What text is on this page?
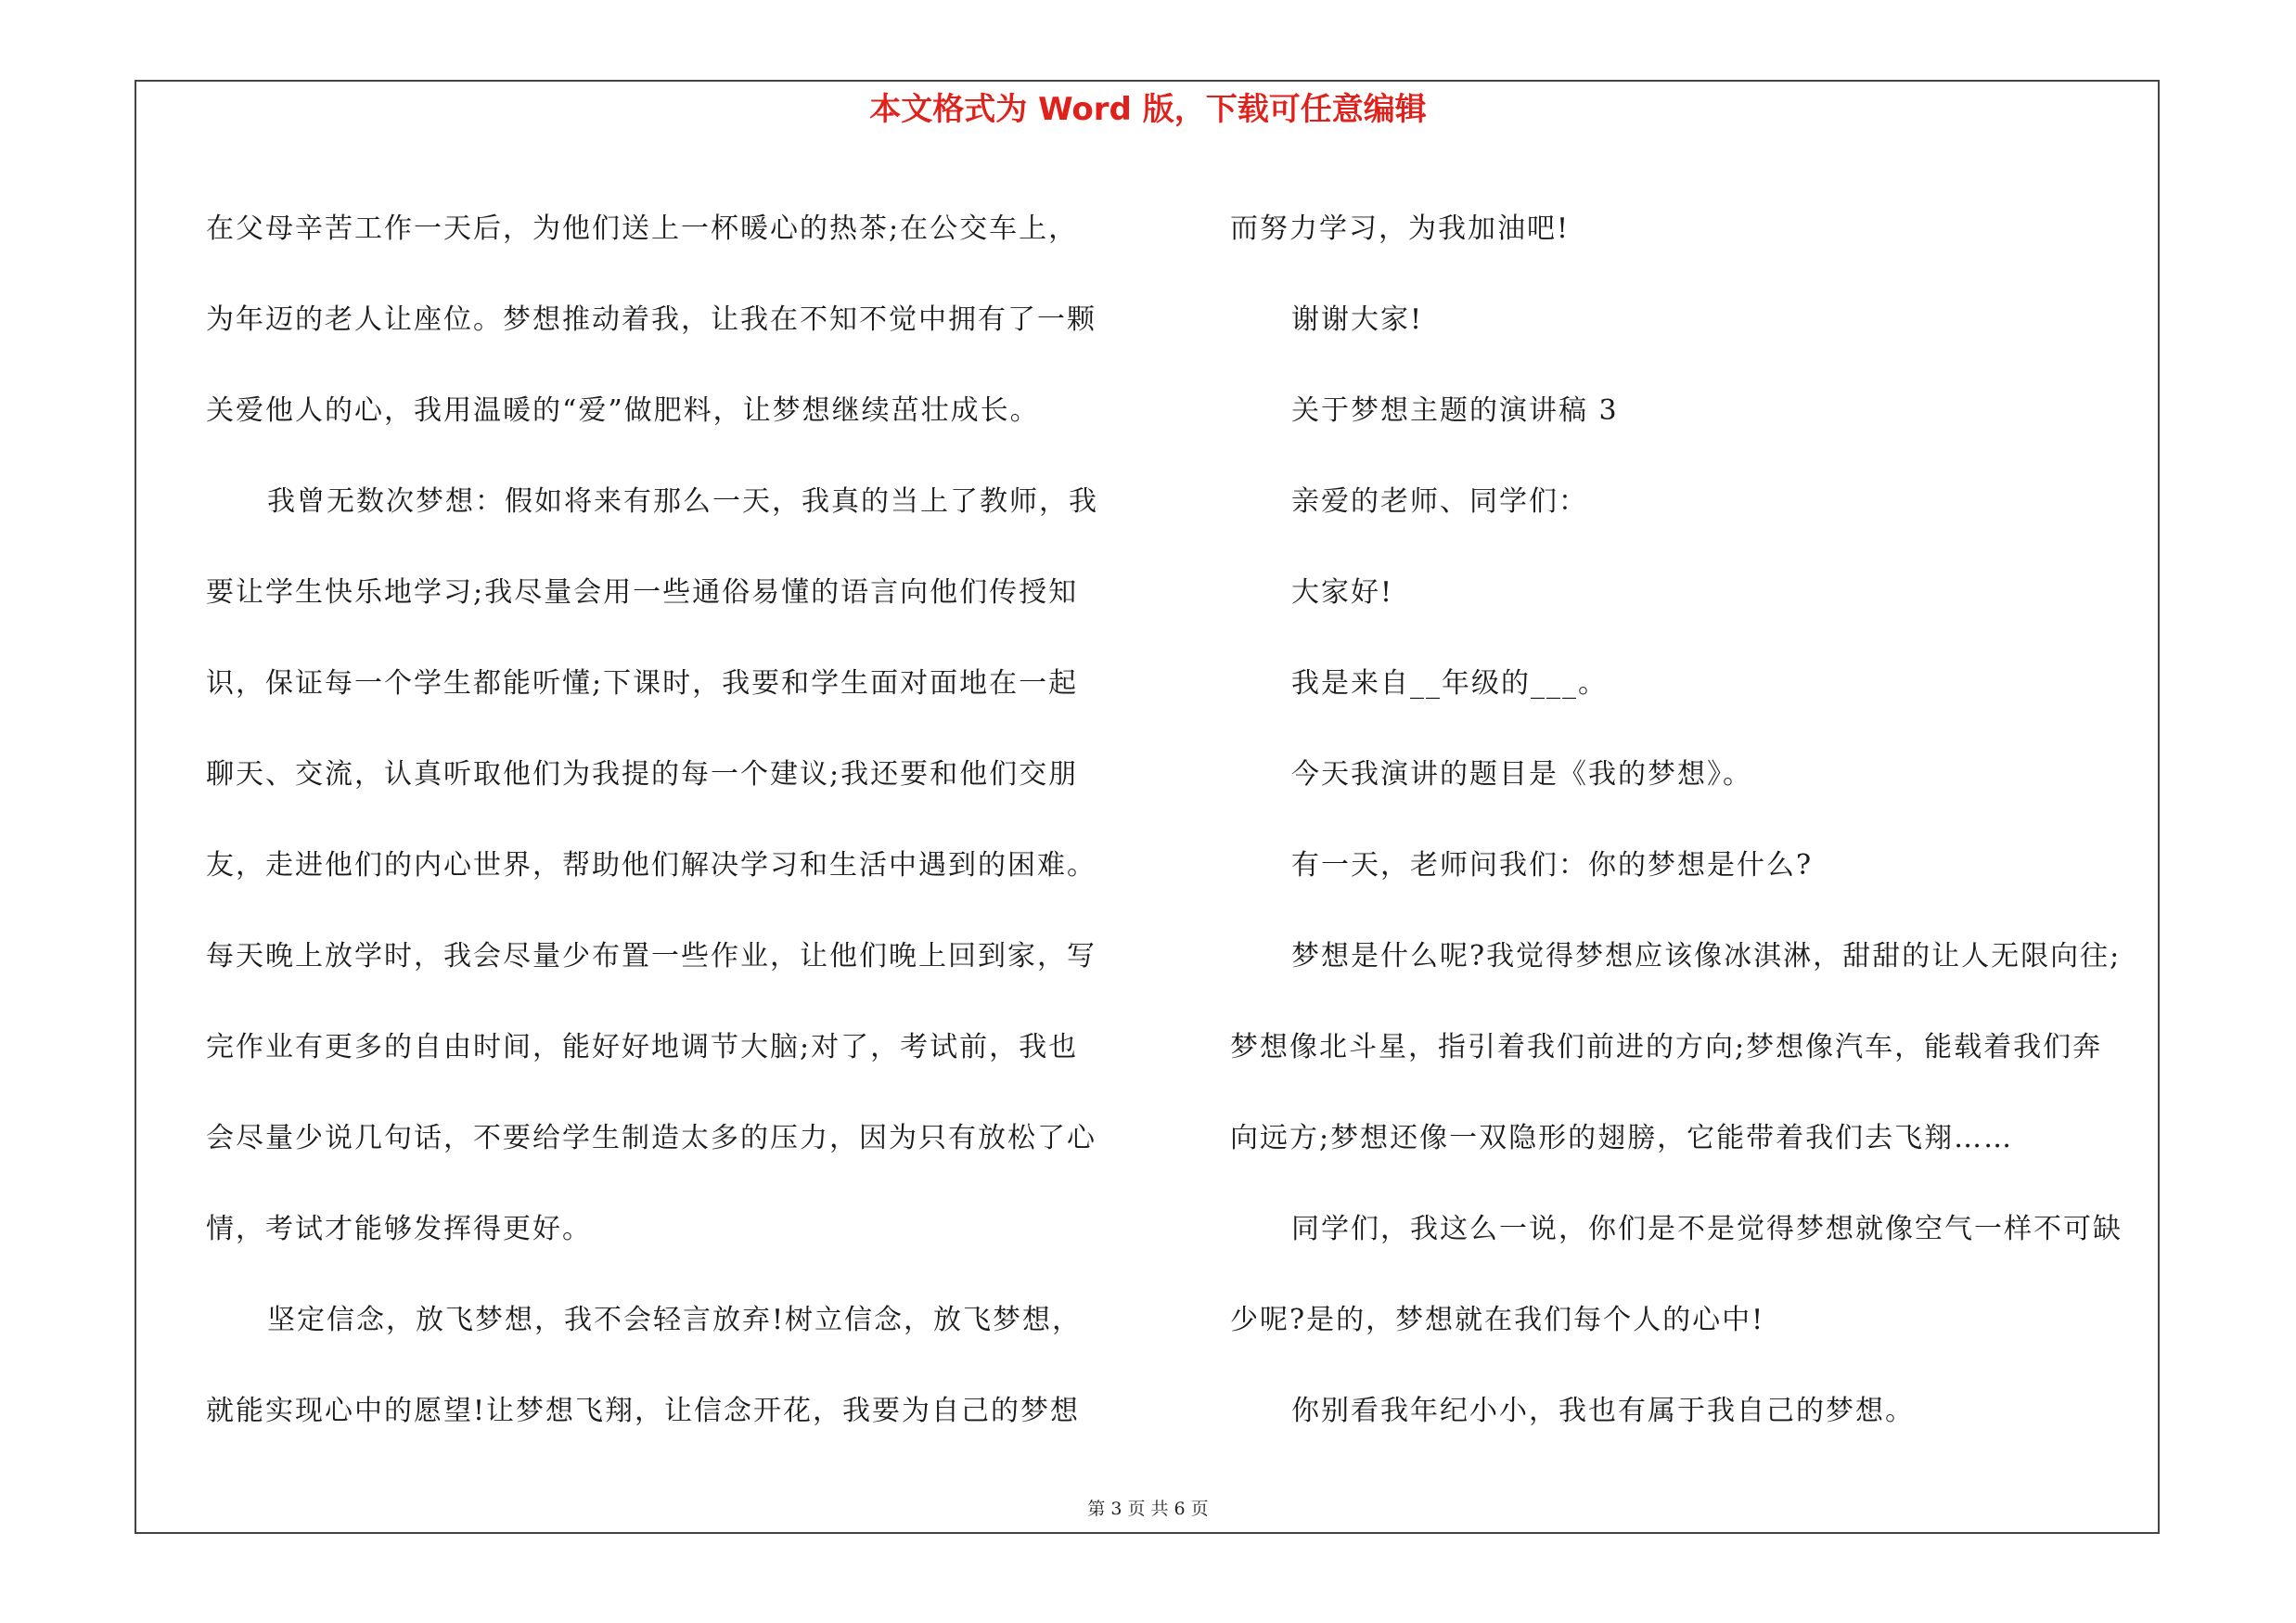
本文格式为 Word 版，下载可任意编辑

在父母辛苦工作一天后，为他们送上一杯暖心的热茶;在公交车上，

为年迈的老人让座位。梦想推动着我，让我在不知不觉中拥有了一颗

关爱他人的心，我用温暖的“爱”做肥料，让梦想继续茁壮成长。

我曾无数次梦想：假如将来有那么一天，我真的当上了教师，我

要让学生快乐地学习;我尽量会用一些通俗易懂的语言向他们传授知

识，保证每一个学生都能听懂;下课时，我要和学生面对面地在一起

聊天、交流，认真听取他们为我提的每一个建议;我还要和他们交朋

友，走进他们的内心世界，帮助他们解决学习和生活中遇到的困难。

每天晚上放学时，我会尽量少布置一些作业，让他们晚上回到家，写

完作业有更多的自由时间，能好好地调节大脑;对了，考试前，我也

会尽量少说几句话，不要给学生制造太多的压力，因为只有放松了心

情，考试才能够发挥得更好。

坚定信念，放飞梦想，我不会轻言放弃!树立信念，放飞梦想，

就能实现心中的愿望!让梦想飞翔，让信念开花，我要为自己的梦想

而努力学习，为我加油吧!

谢谢大家!

关于梦想主题的演讲稿 3

亲爱的老师、同学们：

大家好!

我是来自__年级的___。

今天我演讲的题目是《我的梦想》。

有一天，老师问我们：你的梦想是什么?

梦想是什么呢?我觉得梦想应该像冰淇淋，甜甜的让人无限向往;

梦想像北斗星，指引着我们前进的方向;梦想像汽车，能载着我们奔

向远方;梦想还像一双隐形的翅膀，它能带着我们去飞翔……

同学们，我这么一说，你们是不是觉得梦想就像空气一样不可缺

少呢?是的，梦想就在我们每个人的心中!

你别看我年纪小小，我也有属于我自己的梦想。

第 3 页 共 6 页
